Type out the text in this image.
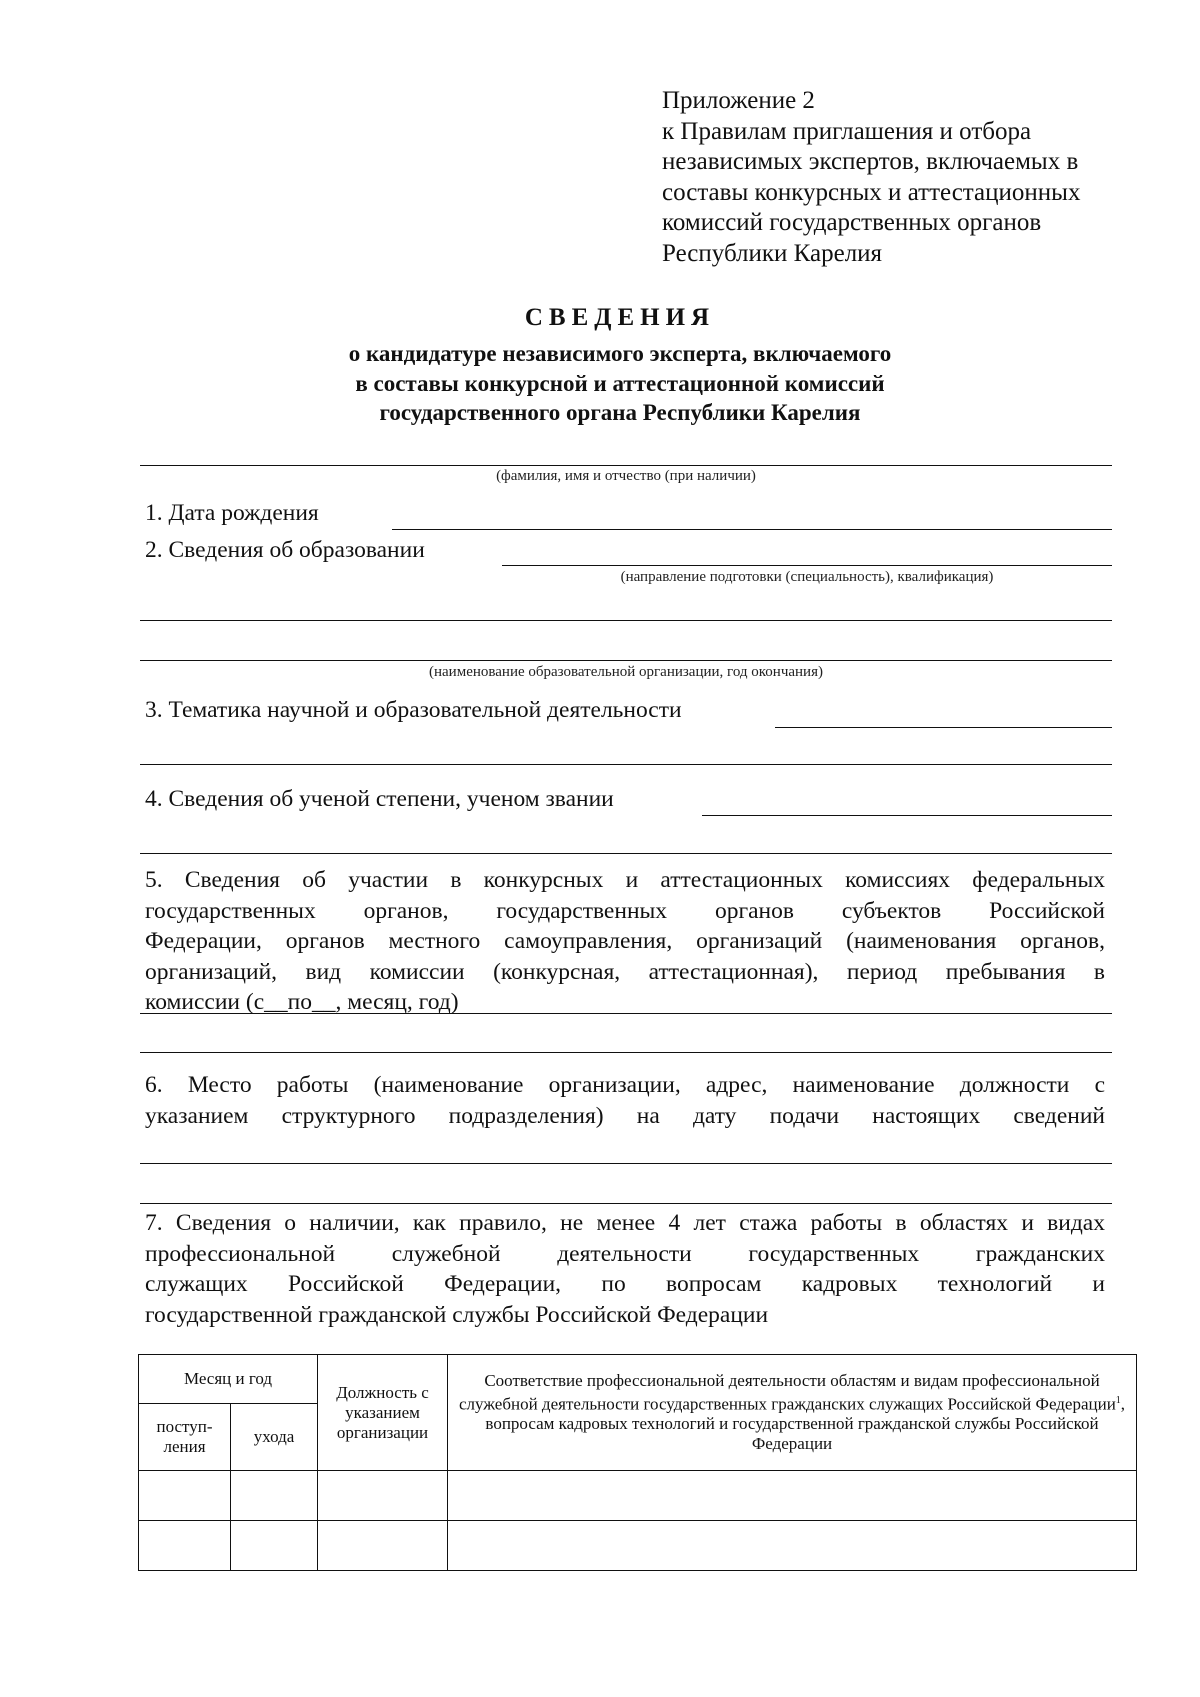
Приложение 2
к Правилам приглашения и отбора
независимых экспертов, включаемых в
составы конкурсных и аттестационных
комиссий государственных органов
Республики Карелия
СВЕДЕНИЯ
о кандидатуре независимого эксперта, включаемого
в составы конкурсной и аттестационной комиссий
государственного органа Республики Карелия
(фамилия, имя и отчество (при наличии)
1. Дата рождения
2. Сведения об образовании
(направление подготовки (специальность), квалификация)
(наименование образовательной организации, год окончания)
3. Тематика научной и образовательной деятельности
4. Сведения об ученой степени, ученом звании
5. Сведения об участии в конкурсных и аттестационных комиссиях федеральных
государственных органов, государственных органов субъектов Российской
Федерации, органов местного самоуправления, организаций (наименования органов,
организаций, вид комиссии (конкурсная, аттестационная), период пребывания в
комиссии (с__по__, месяц, год)
6. Место работы (наименование организации, адрес, наименование должности с
указанием структурного подразделения) на дату подачи настоящих сведений
7. Сведения о наличии, как правило, не менее 4 лет стажа работы в областях и видах
профессиональной служебной деятельности государственных гражданских
служащих Российской Федерации, по вопросам кадровых технологий и
государственной гражданской службы Российской Федерации
Месяц и год		Должность с указанием организации	Соответствие профессиональной деятельности областям и видам профессиональной служебной деятельности государственных гражданских служащих Российской Федерации$^1$, вопросам кадровых технологий и государственной гражданской службы Российской Федерации
поступ-ления	ухода		
